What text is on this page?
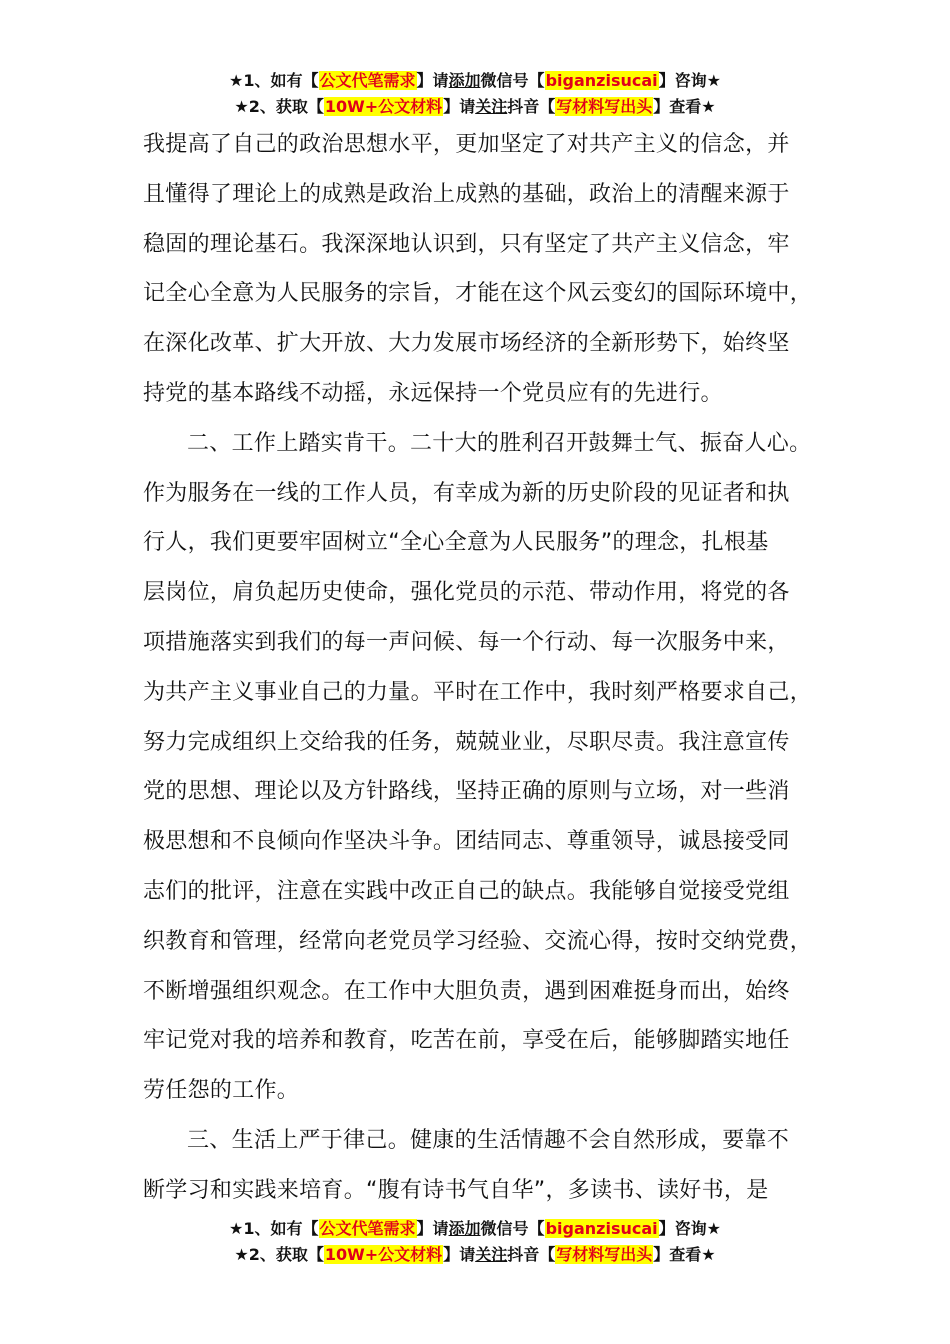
★1、如有【公文代笔需求】请添加微信号【biganzisucai】咨询★
★2、获取【10W+公文材料】请关注抖音【写材料写出头】查看★
我提高了自己的政治思想水平，更加坚定了对共产主义的信念，并
且懂得了理论上的成熟是政治上成熟的基础，政治上的清醒来源于
稳固的理论基石。我深深地认识到，只有坚定了共产主义信念，牢
记全心全意为人民服务的宗旨，才能在这个风云变幻的国际环境中，
在深化改革、扩大开放、大力发展市场经济的全新形势下，始终坚
持党的基本路线不动摇，永远保持一个党员应有的先进行。
二、工作上踏实肯干。二十大的胜利召开鼓舞士气、振奋人心。
作为服务在一线的工作人员，有幸成为新的历史阶段的见证者和执
行人，我们更要牢固树立“全心全意为人民服务”的理念，扎根基
层岗位，肩负起历史使命，强化党员的示范、带动作用，将党的各
项措施落实到我们的每一声问候、每一个行动、每一次服务中来，
为共产主义事业自己的力量。平时在工作中，我时刻严格要求自己，
努力完成组织上交给我的任务，兢兢业业，尽职尽责。我注意宣传
党的思想、理论以及方针路线，坚持正确的原则与立场，对一些消
极思想和不良倾向作坚决斗争。团结同志、尊重领导，诚恳接受同
志们的批评，注意在实践中改正自己的缺点。我能够自觉接受党组
织教育和管理，经常向老党员学习经验、交流心得，按时交纳党费，
不断增强组织观念。在工作中大胆负责，遇到困难挺身而出，始终
牢记党对我的培养和教育，吃苦在前，享受在后，能够脚踏实地任
劳任怨的工作。
三、生活上严于律己。健康的生活情趣不会自然形成，要靠不
断学习和实践来培育。“腹有诗书气自华”，多读书、读好书，是
★1、如有【公文代笔需求】请添加微信号【biganzisucai】咨询★
★2、获取【10W+公文材料】请关注抖音【写材料写出头】查看★
